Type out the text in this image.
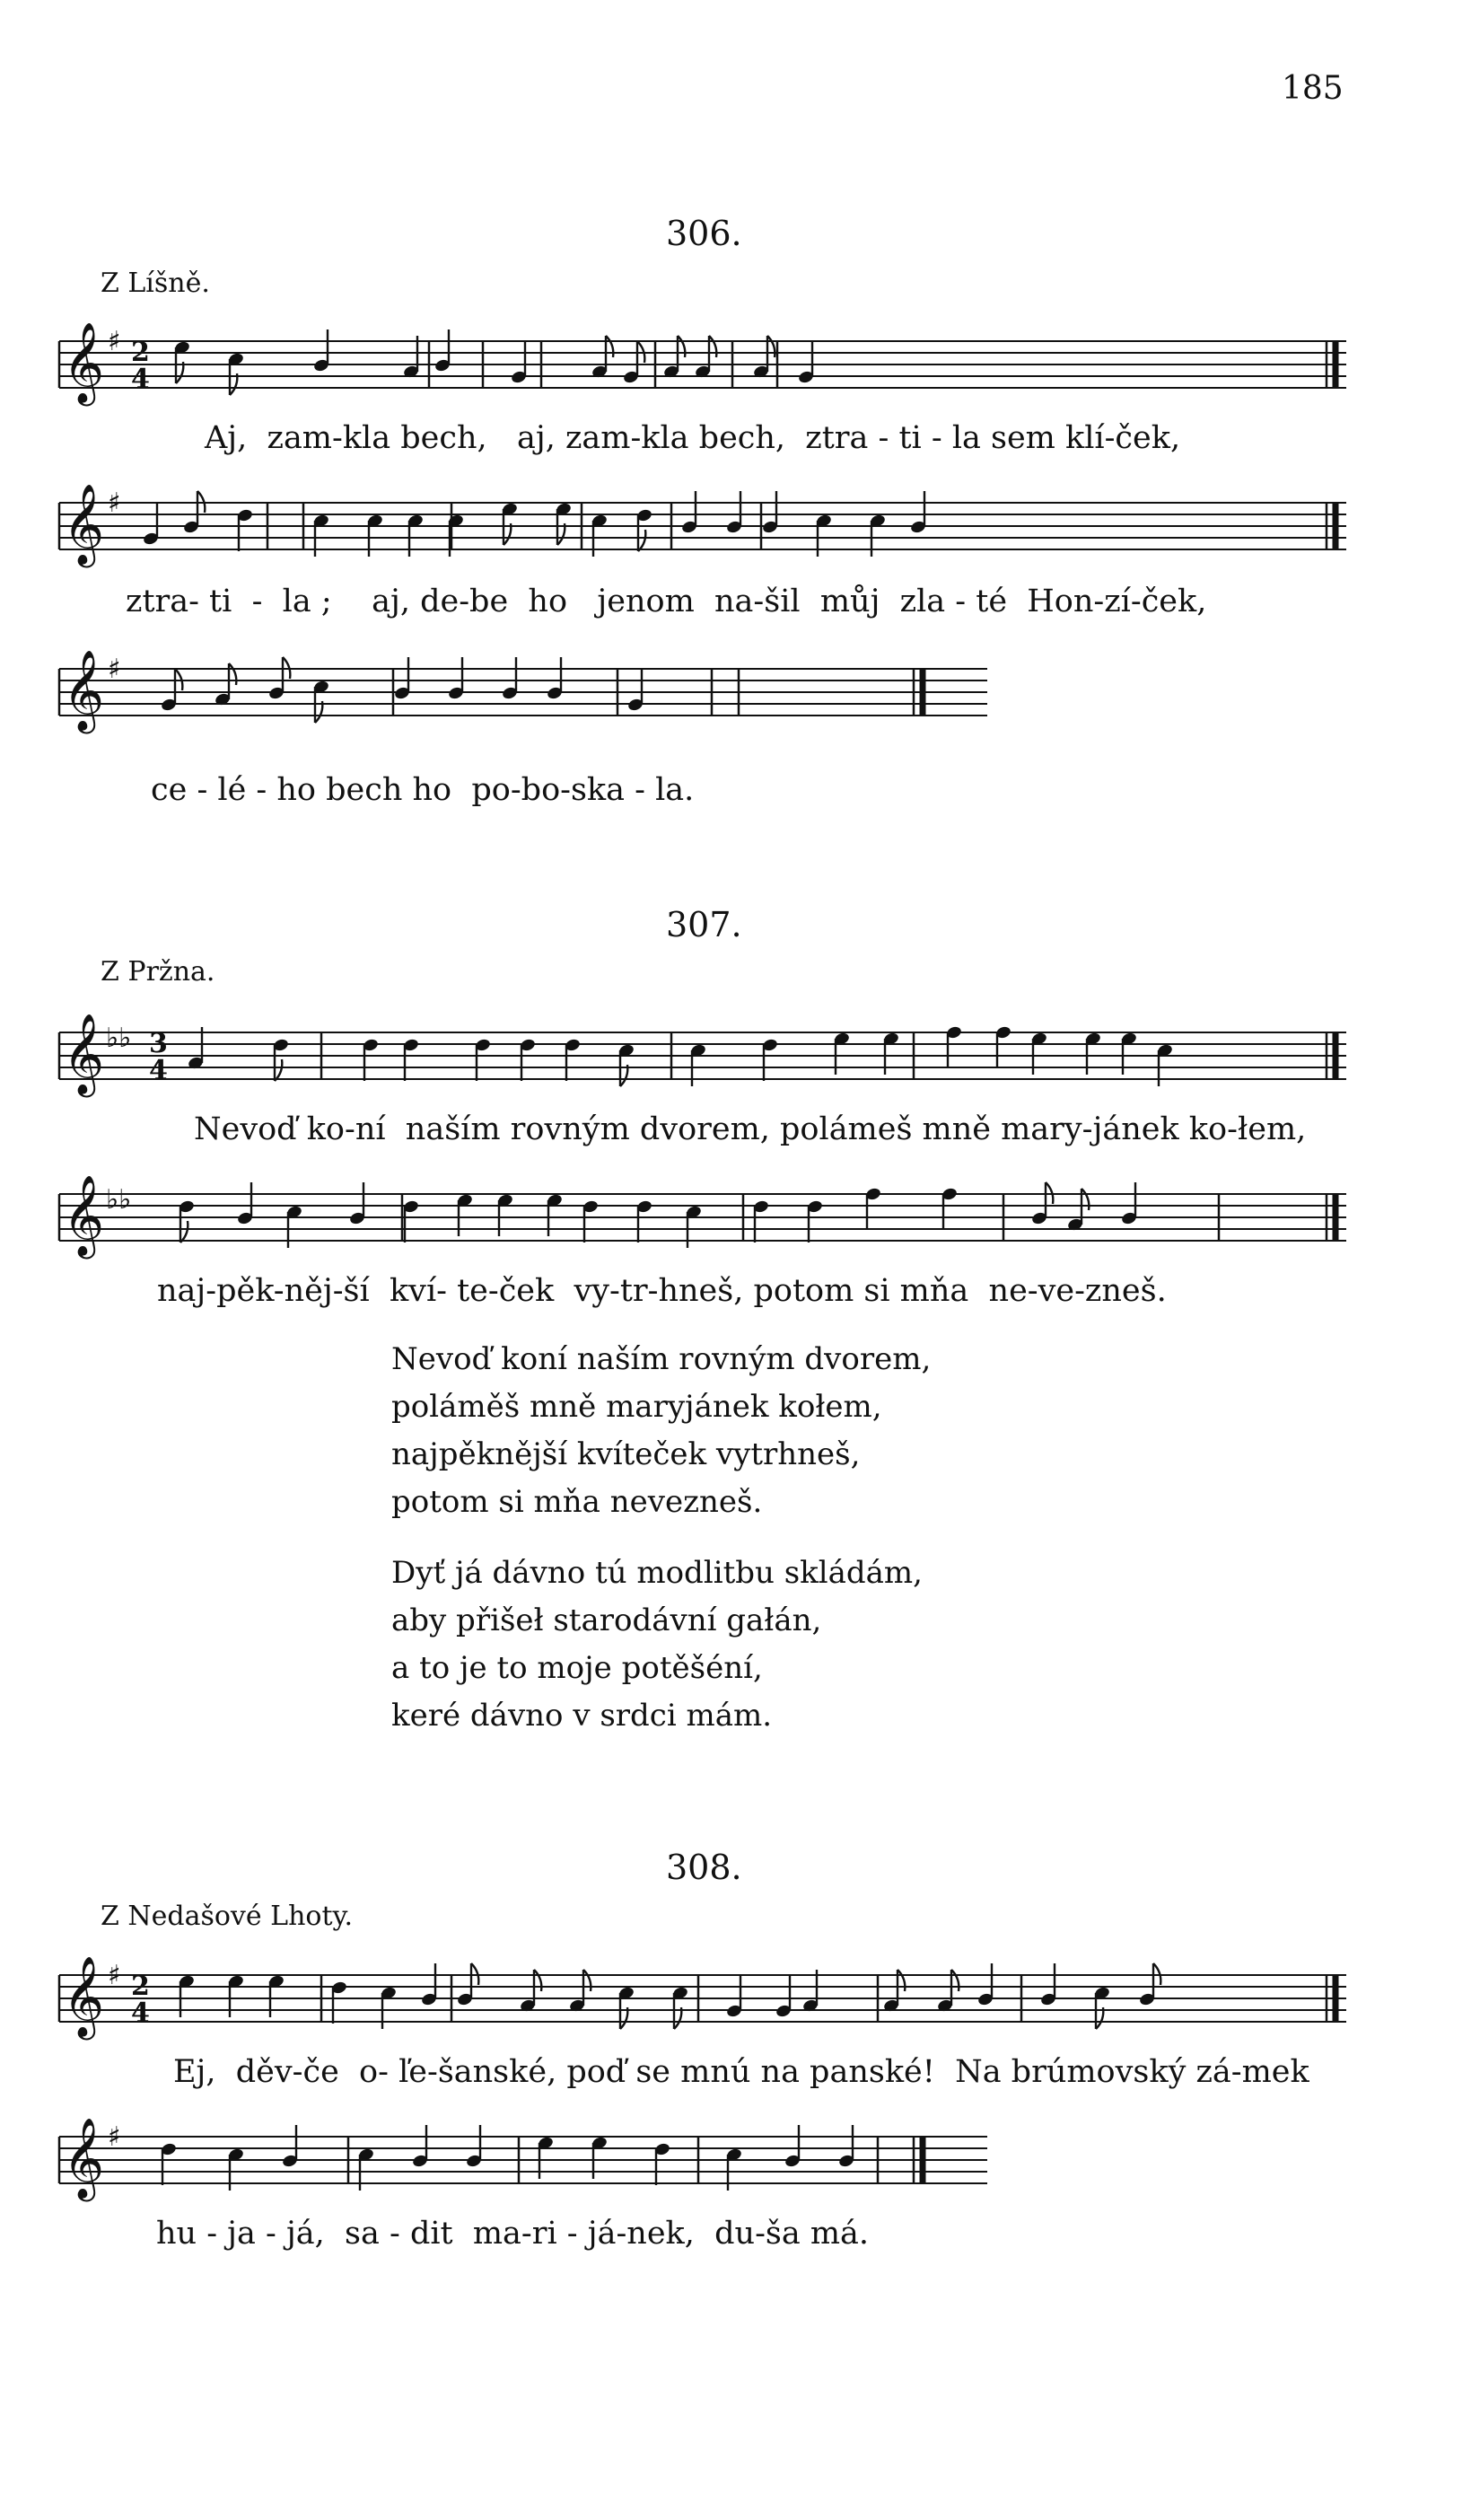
185
306.
Z Líšně.
𝄞 ♯ 2
4
Aj,  zam-kla bech,   aj, zam-kla bech,  ztra - ti - la sem klí-ček,
𝄞 ♯
ztra- ti  -  la ;    aj, de-be  ho   jenom  na-šil  můj  zla - té  Hon-zí-ček,
𝄞 ♯
ce - lé - ho bech ho  po-bo-ska - la.
307.
Z Pržna.
𝄞 ♭♭ 3
4
Nevoď ko-ní  naším rovným dvorem, polámeš mně mary-jánek ko-łem,
𝄞 ♭♭
naj-pěk-něj-ší  kví- te-ček  vy-tr-hneš, potom si mňa  ne-ve-zneš.
Nevoď koní naším rovným dvorem,
poláměš mně maryjánek kołem,
najpěknější kvíteček vytrhneš,
potom si mňa nevezneš.
Dyť já dávno tú modlitbu skládám,
aby přišeł starodávní gałán,
a to je to moje potěšéní,
keré dávno v srdci mám.
308.
Z Nedašové Lhoty.
𝄞 ♯ 2
4
Ej,  děv-če  o- ľe-šanské, poď se mnú na panské!  Na brúmovský zá-mek
𝄞 ♯
hu - ja - já,  sa - dit  ma-ri - já-nek,  du-ša má.
